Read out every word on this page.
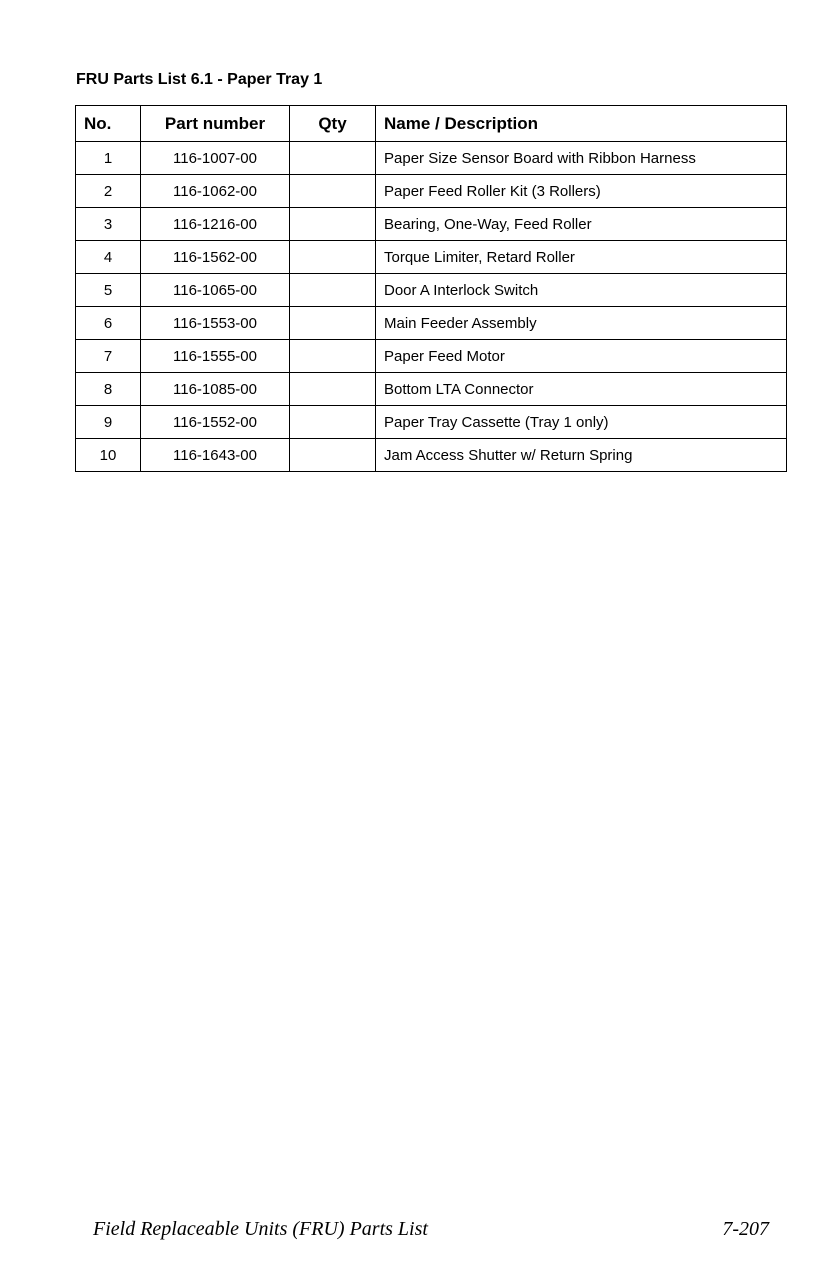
FRU Parts List 6.1 - Paper Tray 1
No.	Part number	Qty	Name / Description
1	116-1007-00		Paper Size Sensor Board with Ribbon Harness
2	116-1062-00		Paper Feed Roller Kit (3 Rollers)
3	116-1216-00		Bearing, One-Way, Feed Roller
4	116-1562-00		Torque Limiter, Retard Roller
5	116-1065-00		Door A Interlock Switch
6	116-1553-00		Main Feeder Assembly
7	116-1555-00		Paper Feed Motor
8	116-1085-00		Bottom LTA Connector
9	116-1552-00		Paper Tray Cassette (Tray 1 only)
10	116-1643-00		Jam Access Shutter w/ Return Spring
Field Replaceable Units (FRU) Parts List	7-207
